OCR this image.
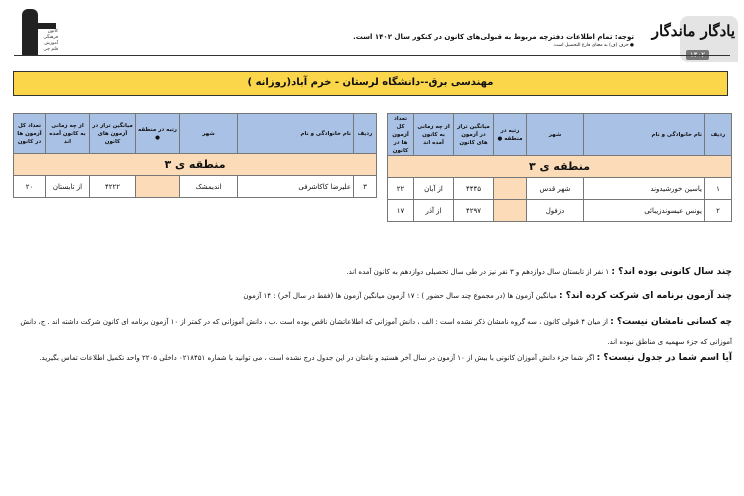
کانون
فرهنگی
آموزش
قلم چی
توجه: تمام اطلاعات دفترچه مربوط به قبولی‌های کانون در کنکور سال ۱۴۰۲ است.
● حرف (ف) به معنای فارغ التحصیل است.
یادگار ماندگار
۱۴۰۲
مهندسی برق--دانشگاه لرستان - خرم آباد(روزانه )
ردیف	نام خانوادگی و نام	شهر	رتبه در منطقه ●	میانگین تراز در آزمون های کانون	از چه زمانی به کانون آمده اند	تعداد کل آزمون ها در کانون
منطقه ی ۳						
۱	یاسین خورشیدوند	شهر قدس		۴۴۴۵	از آبان	۲۲
۲	یونس عیسوندزیبائی	دزفول		۴۲۹۷	از آذر	۱۷
ردیف	نام خانوادگی و نام	شهر	رتبه در منطقه ●	میانگین تراز در آزمون های کانون	از چه زمانی به کانون آمده اند	تعداد کل آزمون ها در کانون
منطقه ی ۳						
۳	علیرضا کاکاشرفی	اندیمشک		۴۲۲۲	از تابستان	۲۰
چند سال کانونی بوده اند؟ : ۱ نفر از تابستان سال دوازدهم و ۳ نفر نیز در طی سال تحصیلی دوازدهم به کانون آمده اند.
چند آزمون برنامه ای شرکت کرده اند؟ : میانگین آزمون ها (در مجموع چند سال حضور ) : ۱۷ آزمون میانگین آزمون ها (فقط در سال آخر) : ۱۴ آزمون
چه کسانی نامشان نیست؟ : از میان ۴ قبولی کانون ، سه گروه نامشان ذکر نشده است : الف ، دانش آموزانی که اطلاعاتشان ناقص بوده است .ب ، دانش آموزانی که در کمتر از ۱۰ آزمون برنامه ای کانون شرکت داشته اند . ج، دانش آموزانی که جزء سهمیه ی مناطق نبوده اند.
آیا اسم شما در جدول نیست؟ : اگر شما جزء دانش آموزان کانونی با بیش از ۱۰ آزمون در سال آخر هستید و نامتان در این جدول درج نشده است ، می توانید با شماره ۰۲۱۸۴۵۱ داخلی ۲۲۰۵ واحد تکمیل اطلاعات تماس بگیرید.
